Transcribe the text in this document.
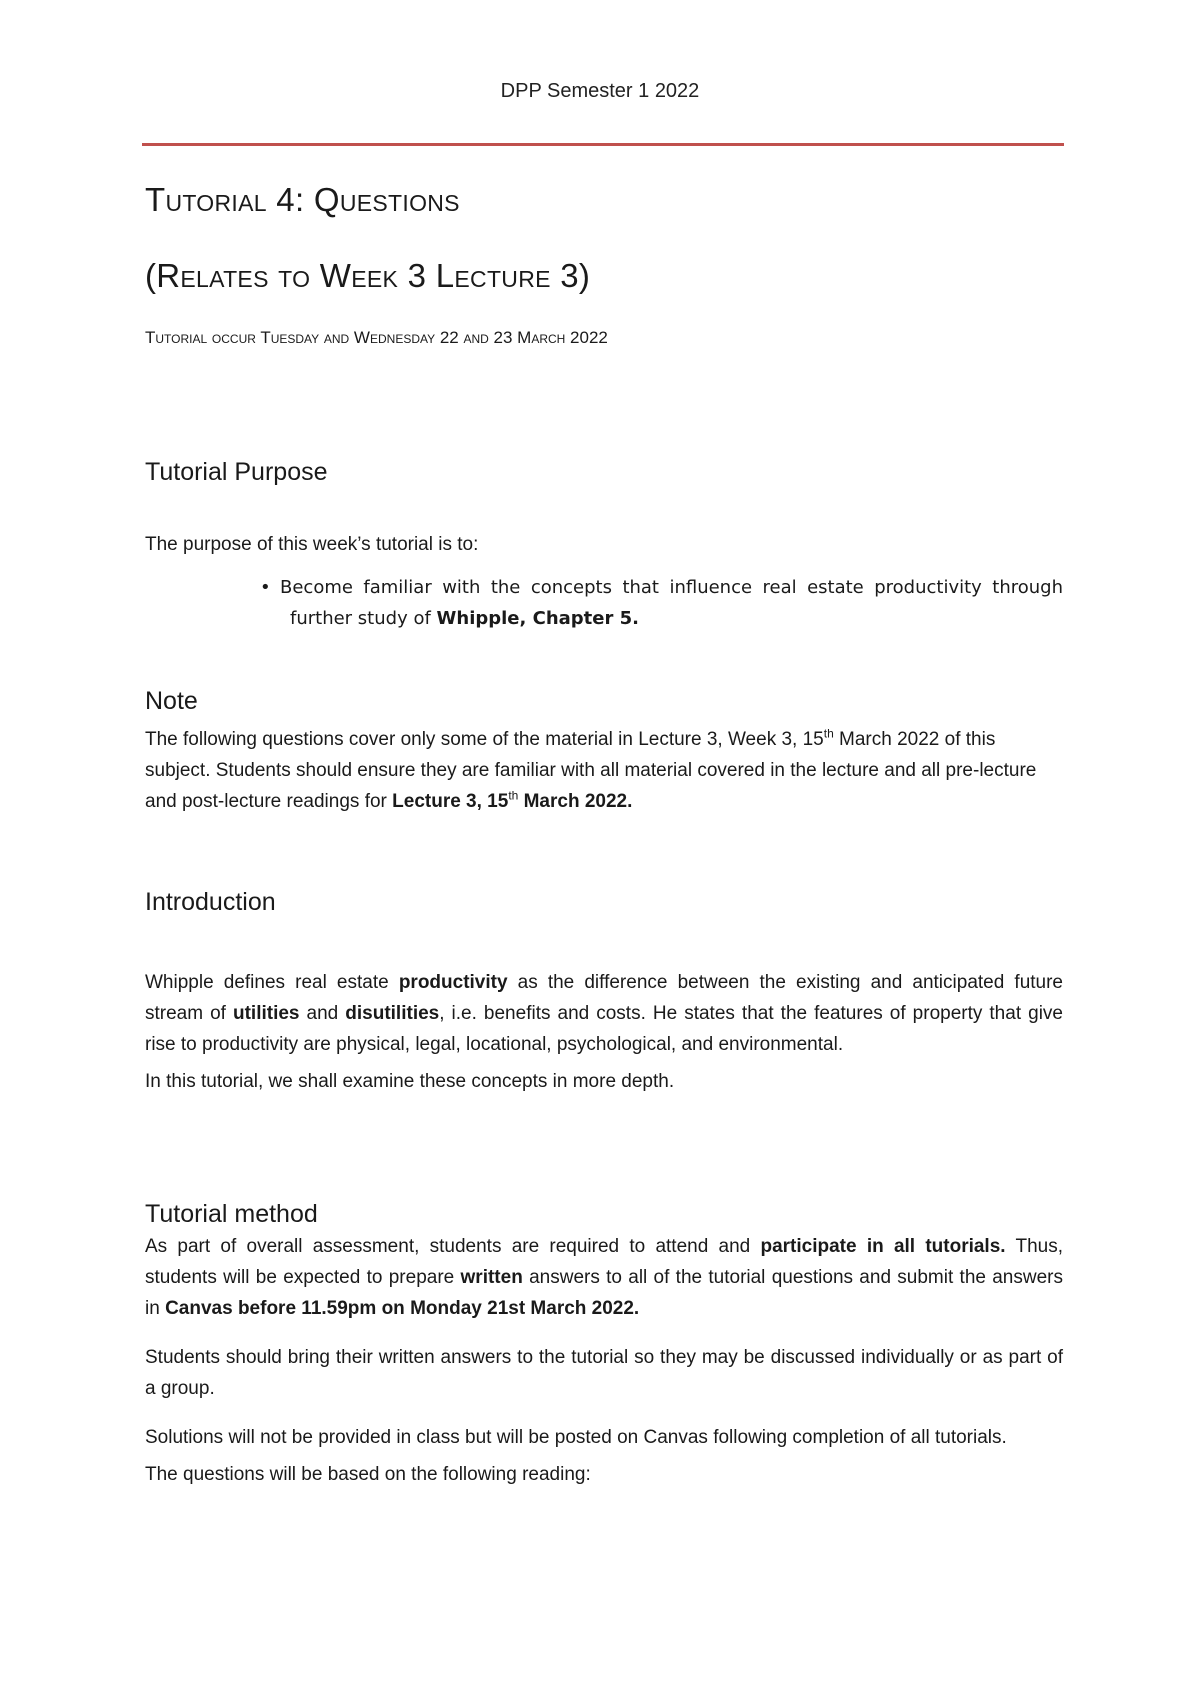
DPP Semester 1 2022
Tutorial 4: Questions
(Relates to Week 3 Lecture 3)
Tutorial occur Tuesday and Wednesday 22 and 23 March 2022
Tutorial Purpose

The purpose of this week’s tutorial is to:

• Become familiar with the concepts that influence real estate productivity through further study of Whipple, Chapter 5.
Note

The following questions cover only some of the material in Lecture 3, Week 3, 15th March 2022 of this subject. Students should ensure they are familiar with all material covered in the lecture and all pre-lecture and post-lecture readings for Lecture 3, 15th March 2022.

Introduction

Whipple defines real estate productivity as the difference between the existing and anticipated future stream of utilities and disutilities, i.e. benefits and costs. He states that the features of property that give rise to productivity are physical, legal, locational, psychological, and environmental.

In this tutorial, we shall examine these concepts in more depth.

Tutorial method

As part of overall assessment, students are required to attend and participate in all tutorials. Thus, students will be expected to prepare written answers to all of the tutorial questions and submit the answers in Canvas before 11.59pm on Monday 21st March 2022.

Students should bring their written answers to the tutorial so they may be discussed individually or as part of a group.

Solutions will not be provided in class but will be posted on Canvas following completion of all tutorials.

The questions will be based on the following reading:
